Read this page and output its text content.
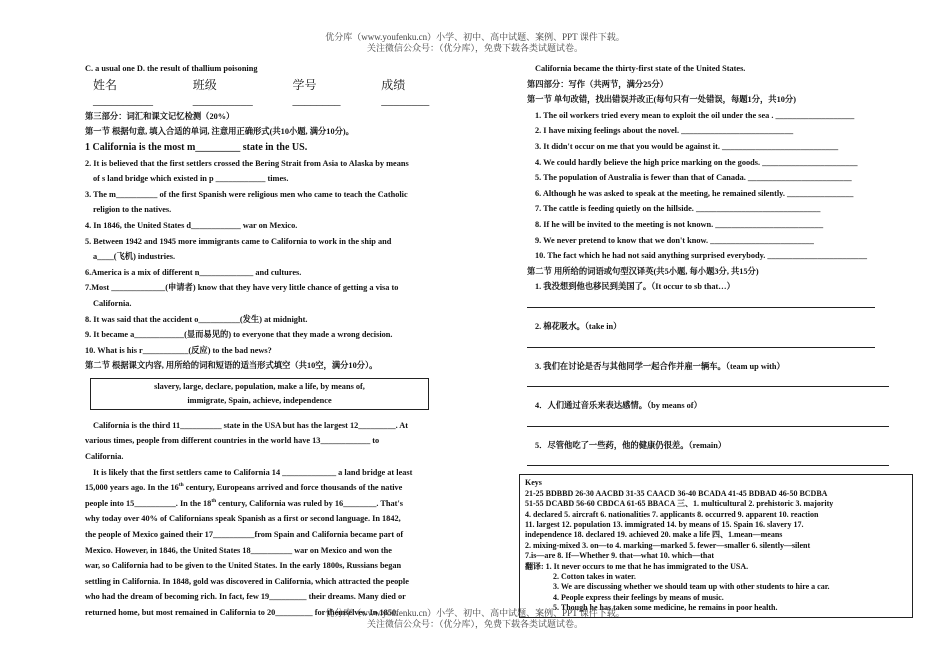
优分库（www.youfenku.cn）小学、初中、高中试题、案例、PPT 课件下载。
关注微信公众号：（优分库），免费下载各类试题试卷。

C. a usual one D. the result of thallium poisoning

姓名__________
班级__________
学号________
成绩________

第三部分：词汇和课文记忆检测（20%）

第一节 根据句意, 填入合适的单词, 注意用正确形式(共10小题, 满分10分)。

1 California is the most m_________ state in the US.

2. It is believed that the first settlers crossed the Bering Strait from Asia to Alaska by means

of s land bridge which existed in p ____________ times.

3. The m__________ of the first Spanish were religious men who came to teach the Catholic

religion to the natives.

4. In 1846, the United States d____________ war on Mexico.

5. Between 1942 and 1945 more immigrants came to California to work in the ship and

a____(飞机) industries.

6.America is a mix of different n_____________ and cultures.

7.Most _____________(申请者) know that they have very little chance of getting a visa to

California.

8. It was said that the accident o__________(发生) at midnight.

9. It became a____________(显而易见的) to everyone that they made a wrong decision.

10. What is his r___________(反应) to the bad news?

第二节 根据课文内容, 用所给的词和短语的适当形式填空（共10空，满分10分）。

slavery, large, declare, population, make a life, by means of,

immigrate, Spain, achieve, independence

California is the third 11__________ state in the USA but has the largest 12_________. At

various times, people from different countries in the world have 13____________ to

California.

It is likely that the first settlers came to California 14 _____________ a land bridge at least

15,000 years ago. In the 16th century, Europeans arrived and force thousands of the native

people into 15__________. In the 18th century, California was ruled by 16________. That's

why today over 40% of Californians speak Spanish as a first or second language. In 1842,

the people of Mexico gained their 17__________from Spain and California became part of

Mexico. However, in 1846, the United States 18__________ war on Mexico and won the

war, so California had to be given to the United States. In the early 1800s, Russians began

settling in California. In 1848, gold was discovered in California, which attracted the people

who had the dream of becoming rich. In fact, few 19_________ their dreams. Many died or

returned home, but most remained in California to 20_________ for themselves. In 1850,

California became the thirty-first state of the United States.

第四部分：写作（共两节，满分25分）

第一节 单句改错，找出错误并改正(每句只有一处错误，每题1分，共10分)

1. The oil workers tried every mean to exploit the oil under the sea . ___________________

2. I have mixing feelings about the novel. ___________________________

3. It didn't occur on me that you would be against it. ____________________________

4. We could hardly believe the high price marking on the goods. _______________________

5. The population of Australia is fewer than that of Canada. _________________________

6. Although he was asked to speak at the meeting, he remained silently. ________________

7. The cattle is feeding quietly on the hillside. ______________________________

8. If he will be invited to the meeting is not known. __________________________

9. We never pretend to know that we don't know. _________________________

10. The fact which he had not said anything surprised everybody. ________________________

第二节 用所给的词语或句型汉译英(共5小题, 每小题3分, 共15分)

1. 我没想到他也移民到美国了。（It occur to sb that…）

2. 棉花吸水。（take in）

3. 我们在讨论是否与其他同学一起合作并雇一辆车。（team up with）

4．人们通过音乐来表达感情。（by means of）

5．尽管他吃了一些药，他的健康仍很差。（remain）

Keys

21-25 BDBBD 26-30 AACBD 31-35 CAACD 36-40 BCADA 41-45 BDBAD 46-50 BCDBA

51-55 DCABD 56-60 CBDCA 61-65 BBACA 三、1. multicultural 2. prehistoric 3. majority

4. declared 5. aircraft 6. nationalities 7. applicants 8. occurred 9. apparent 10. reaction

11. largest 12. population 13. immigrated 14. by means of 15. Spain 16. slavery 17.

independence 18. declared 19. achieved 20. make a life 四、1.mean—means

2. mixing-mixed 3. on—to 4. marking—marked 5. fewer—smaller 6. silently—silent

7.is—are 8. If—Whether 9. that—what 10. which—that

翻译: 1. It never occurs to me that he has immigrated to the USA.

2. Cotton takes in water.

3. We are discussing whether we should team up with other students to hire a car.

4. People express their feelings by means of music.

5. Though he has taken some medicine, he remains in poor health.

优分库（www.youfenku.cn）小学、初中、高中试题、案例、PPT 课件下载。
关注微信公众号：（优分库），免费下载各类试题试卷。
